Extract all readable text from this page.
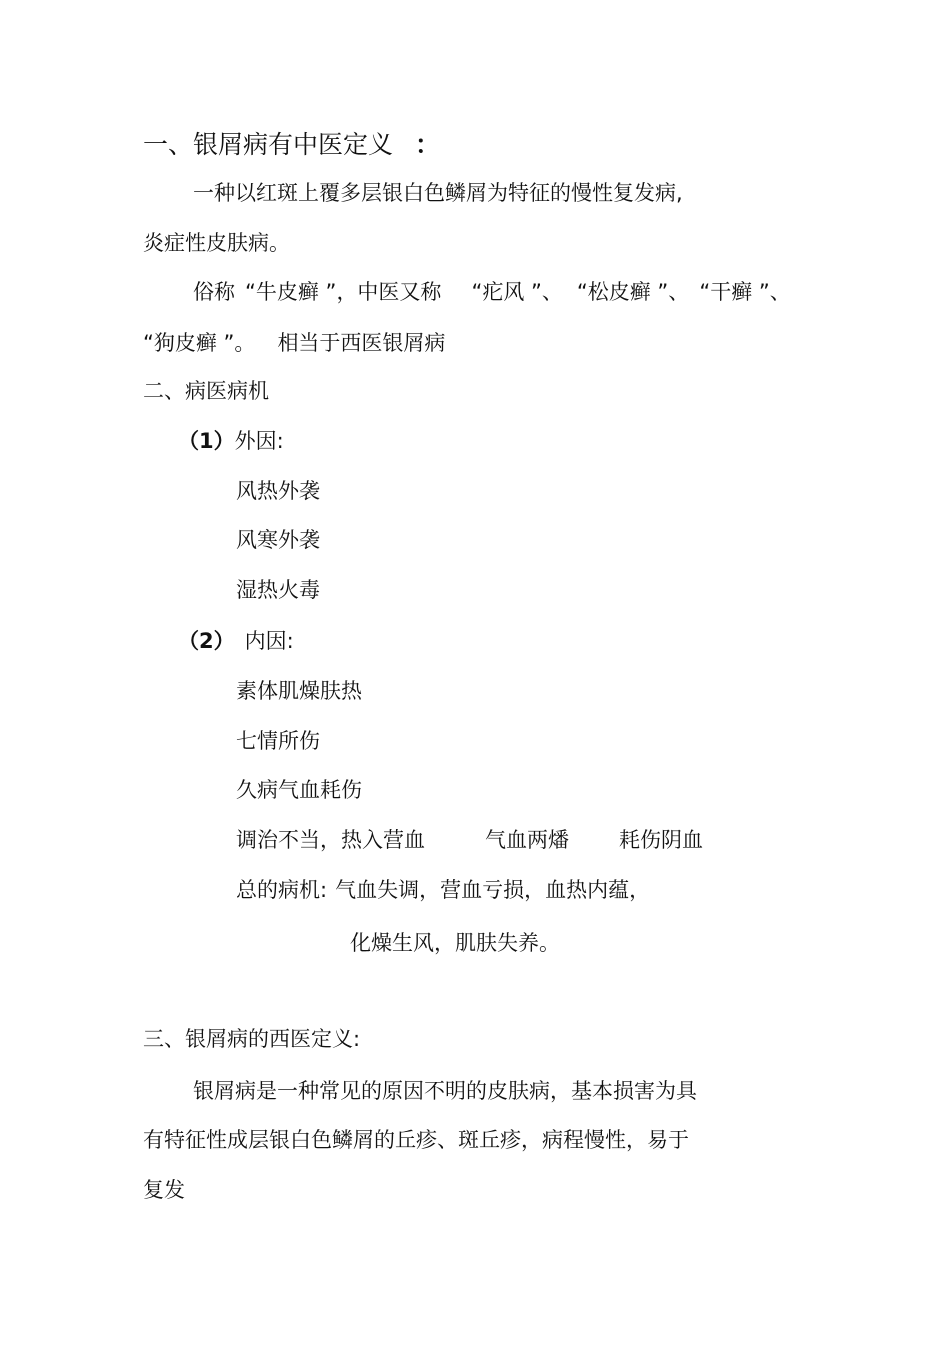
一、银屑病有中医定义 ：
一种以红斑上覆多层银白色鳞屑为特征的慢性复发病,
炎症性皮肤病。
俗称 “牛皮癣 ”，中医又称 “疕风 ”、 “松皮癣 ”、 “干癣 ”、
“狗皮癣 ”。 相当于西医银屑病
二、病医病机
（1）外因:
风热外袭
风寒外袭
湿热火毒
（2） 内因:
素体肌燥肤热
七情所伤
久病气血耗伤
调治不当，热入营血	气血两燔 耗伤阴血
总的病机: 气血失调，营血亏损，血热内蕴，
化燥生风，肌肤失养。
三、银屑病的西医定义:
银屑病是一种常见的原因不明的皮肤病，基本损害为具
有特征性成层银白色鳞屑的丘疹、斑丘疹，病程慢性，易于
复发
